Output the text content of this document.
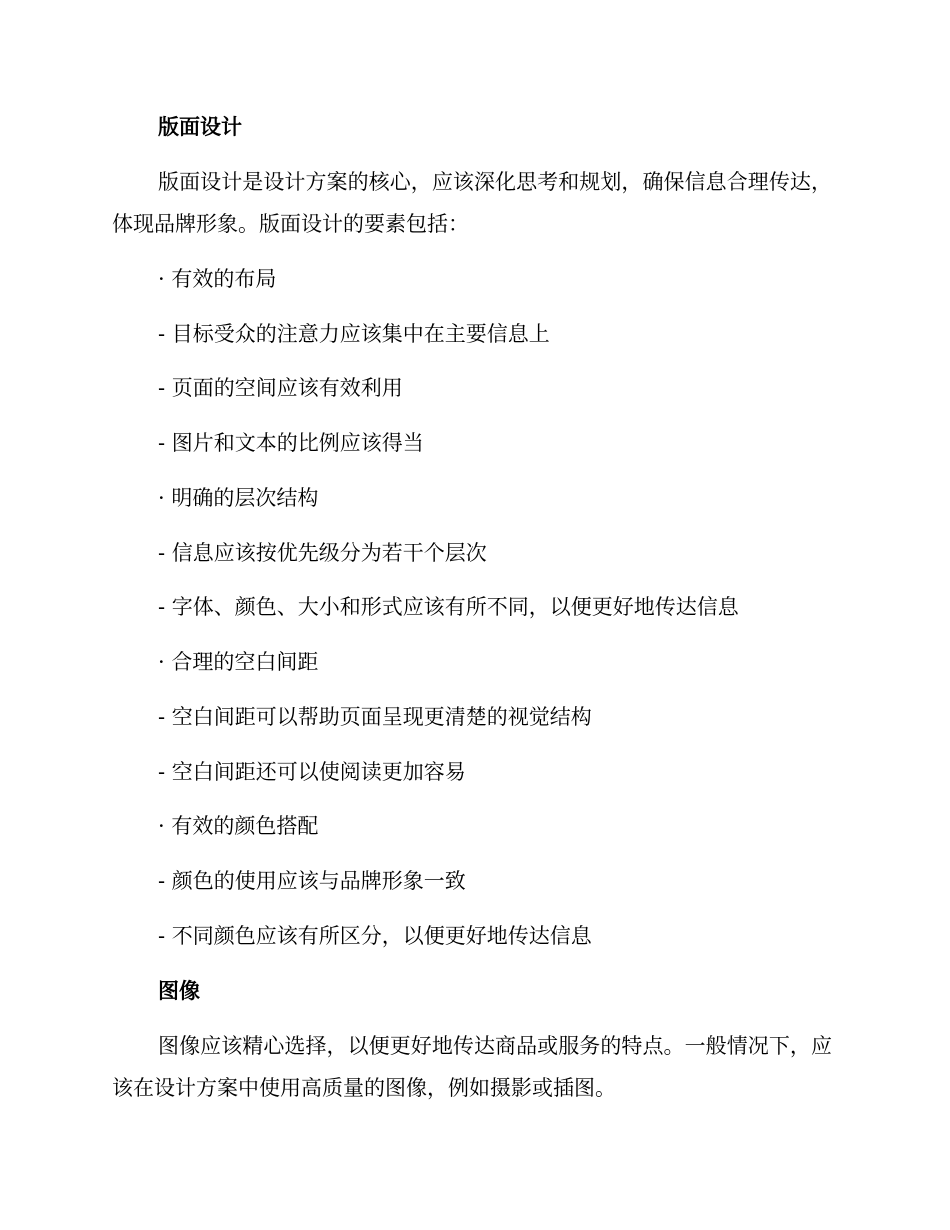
版面设计
版面设计是设计方案的核心，应该深化思考和规划，确保信息合理传达，体现品牌形象。版面设计的要素包括：
· 有效的布局
- 目标受众的注意力应该集中在主要信息上
- 页面的空间应该有效利用
- 图片和文本的比例应该得当
· 明确的层次结构
- 信息应该按优先级分为若干个层次
- 字体、颜色、大小和形式应该有所不同，以便更好地传达信息
· 合理的空白间距
- 空白间距可以帮助页面呈现更清楚的视觉结构
- 空白间距还可以使阅读更加容易
· 有效的颜色搭配
- 颜色的使用应该与品牌形象一致
- 不同颜色应该有所区分，以便更好地传达信息
图像
图像应该精心选择，以便更好地传达商品或服务的特点。一般情况下，应该在设计方案中使用高质量的图像，例如摄影或插图。
